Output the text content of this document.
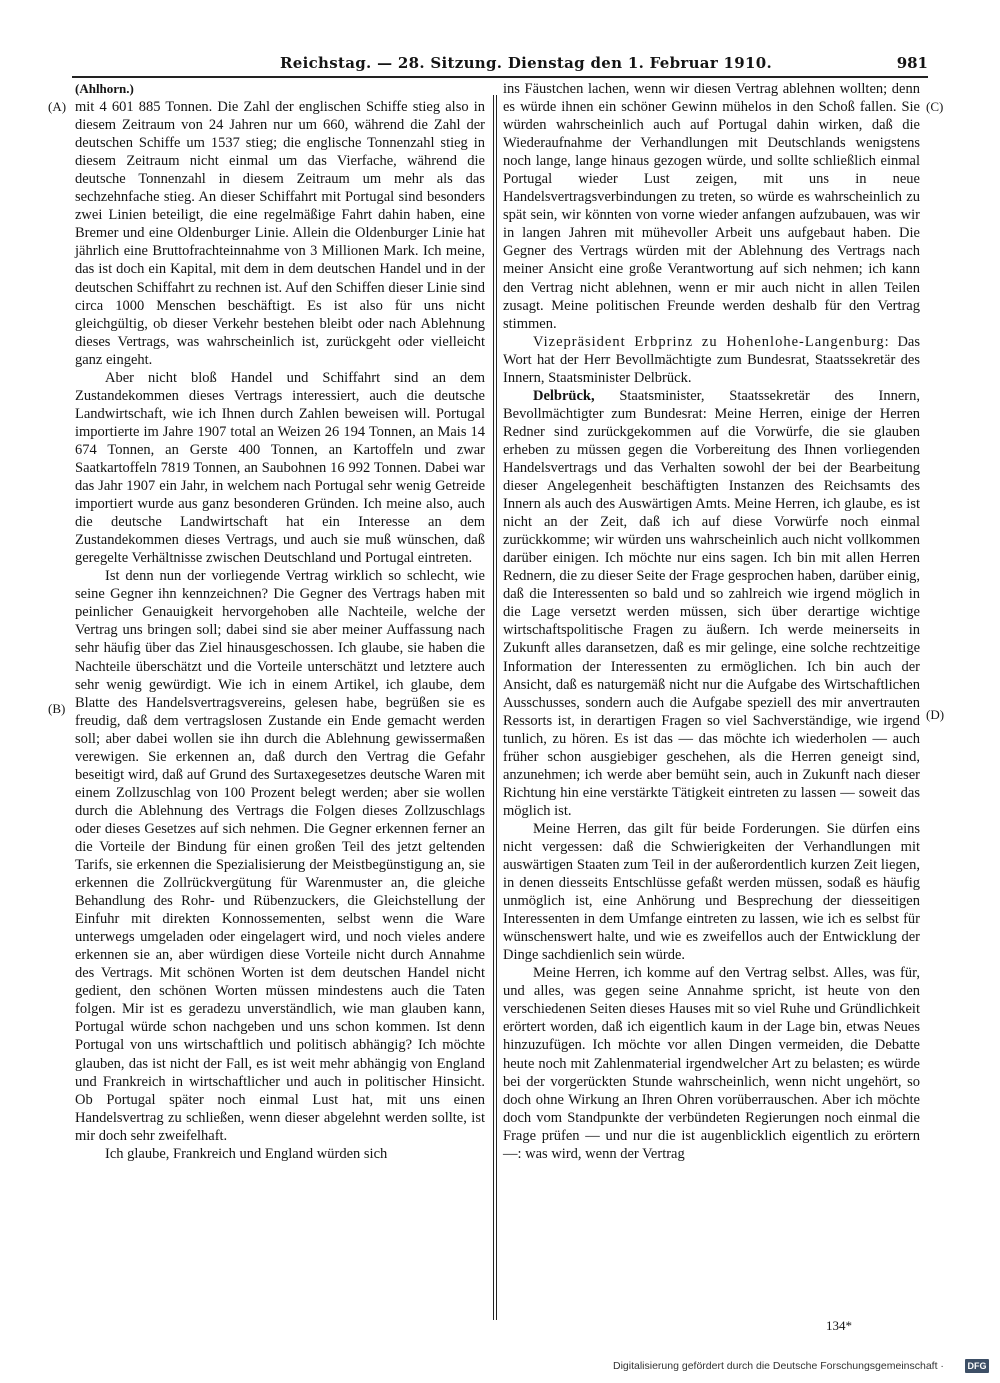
Reichstag. — 28. Sitzung. Dienstag den 1. Februar 1910.	981
(A)
(B)
(C)
(D)

(Ahlhorn.)

mit 4 601 885 Tonnen. Die Zahl der englischen Schiffe stieg also in diesem Zeitraum von 24 Jahren nur um 660, während die Zahl der deutschen Schiffe um 1537 stieg; die englische Tonnenzahl stieg in diesem Zeitraum nicht einmal um das Vierfache, während die deutsche Tonnenzahl in diesem Zeitraum um mehr als das sechzehnfache stieg. An dieser Schiffahrt mit Portugal sind besonders zwei Linien beteiligt, die eine regelmäßige Fahrt dahin haben, eine Bremer und eine Oldenburger Linie. Allein die Oldenburger Linie hat jährlich eine Bruttofrachteinnahme von 3 Millionen Mark. Ich meine, das ist doch ein Kapital, mit dem in dem deutschen Handel und in der deutschen Schiffahrt zu rechnen ist. Auf den Schiffen dieser Linie sind circa 1000 Menschen beschäftigt. Es ist also für uns nicht gleichgültig, ob dieser Verkehr bestehen bleibt oder nach Ablehnung dieses Vertrags, was wahrscheinlich ist, zurückgeht oder vielleicht ganz eingeht.

Aber nicht bloß Handel und Schiffahrt sind an dem Zustandekommen dieses Vertrags interessiert, auch die deutsche Landwirtschaft, wie ich Ihnen durch Zahlen beweisen will. Portugal importierte im Jahre 1907 total an Weizen 26 194 Tonnen, an Mais 14 674 Tonnen, an Gerste 400 Tonnen, an Kartoffeln und zwar Saatkartoffeln 7819 Tonnen, an Saubohnen 16 992 Tonnen. Dabei war das Jahr 1907 ein Jahr, in welchem nach Portugal sehr wenig Getreide importiert wurde aus ganz besonderen Gründen. Ich meine also, auch die deutsche Landwirtschaft hat ein Interesse an dem Zustandekommen dieses Vertrags, und auch sie muß wünschen, daß geregelte Verhältnisse zwischen Deutschland und Portugal eintreten.

Ist denn nun der vorliegende Vertrag wirklich so schlecht, wie seine Gegner ihn kennzeichnen? Die Gegner des Vertrags haben mit peinlicher Genauigkeit hervorgehoben alle Nachteile, welche der Vertrag uns bringen soll; dabei sind sie aber meiner Auffassung nach sehr häufig über das Ziel hinausgeschossen. Ich glaube, sie haben die Nachteile überschätzt und die Vorteile unterschätzt und letztere auch sehr wenig gewürdigt. Wie ich in einem Artikel, ich glaube, dem Blatte des Handelsvertragsvereins, gelesen habe, begrüßen sie es freudig, daß dem vertragslosen Zustande ein Ende gemacht werden soll; aber dabei wollen sie ihn durch die Ablehnung gewissermaßen verewigen. Sie erkennen an, daß durch den Vertrag die Gefahr beseitigt wird, daß auf Grund des Surtaxegesetzes deutsche Waren mit einem Zollzuschlag von 100 Prozent belegt werden; aber sie wollen durch die Ablehnung des Vertrags die Folgen dieses Zollzuschlags oder dieses Gesetzes auf sich nehmen. Die Gegner erkennen ferner an die Vorteile der Bindung für einen großen Teil des jetzt geltenden Tarifs, sie erkennen die Spezialisierung der Meistbegünstigung an, sie erkennen die Zollrückvergütung für Warenmuster an, die gleiche Behandlung des Rohr- und Rübenzuckers, die Gleichstellung der Einfuhr mit direkten Konnossementen, selbst wenn die Ware unterwegs umgeladen oder eingelagert wird, und noch vieles andere erkennen sie an, aber würdigen diese Vorteile nicht durch Annahme des Vertrags. Mit schönen Worten ist dem deutschen Handel nicht gedient, den schönen Worten müssen mindestens auch die Taten folgen. Mir ist es geradezu unverständlich, wie man glauben kann, Portugal würde schon nachgeben und uns schon kommen. Ist denn Portugal von uns wirtschaftlich und politisch abhängig? Ich möchte glauben, das ist nicht der Fall, es ist weit mehr abhängig von England und Frankreich in wirtschaftlicher und auch in politischer Hinsicht. Ob Portugal später noch einmal Lust hat, mit uns einen Handelsvertrag zu schließen, wenn dieser abgelehnt werden sollte, ist mir doch sehr zweifelhaft.

Ich glaube, Frankreich und England würden sich

ins Fäustchen lachen, wenn wir diesen Vertrag ablehnen wollten; denn es würde ihnen ein schöner Gewinn mühelos in den Schoß fallen. Sie würden wahrscheinlich auch auf Portugal dahin wirken, daß die Wiederaufnahme der Verhandlungen mit Deutschlands wenigstens noch lange, lange hinaus gezogen würde, und sollte schließlich einmal Portugal wieder Lust zeigen, mit uns in neue Handelsvertragsverbindungen zu treten, so würde es wahrscheinlich zu spät sein, wir könnten von vorne wieder anfangen aufzubauen, was wir in langen Jahren mit mühevoller Arbeit uns aufgebaut haben. Die Gegner des Vertrags würden mit der Ablehnung des Vertrags nach meiner Ansicht eine große Verantwortung auf sich nehmen; ich kann den Vertrag nicht ablehnen, wenn er mir auch nicht in allen Teilen zusagt. Meine politischen Freunde werden deshalb für den Vertrag stimmen.

Vizepräsident Erbprinz zu Hohenlohe-Langenburg: Das Wort hat der Herr Bevollmächtigte zum Bundesrat, Staatssekretär des Innern, Staatsminister Delbrück.

Delbrück, Staatsminister, Staatssekretär des Innern, Bevollmächtigter zum Bundesrat: Meine Herren, einige der Herren Redner sind zurückgekommen auf die Vorwürfe, die sie glauben erheben zu müssen gegen die Vorbereitung des Ihnen vorliegenden Handelsvertrags und das Verhalten sowohl der bei der Bearbeitung dieser Angelegenheit beschäftigten Instanzen des Reichsamts des Innern als auch des Auswärtigen Amts. Meine Herren, ich glaube, es ist nicht an der Zeit, daß ich auf diese Vorwürfe noch einmal zurückkomme; wir würden uns wahrscheinlich auch nicht vollkommen darüber einigen. Ich möchte nur eins sagen. Ich bin mit allen Herren Rednern, die zu dieser Seite der Frage gesprochen haben, darüber einig, daß die Interessenten so bald und so zahlreich wie irgend möglich in die Lage versetzt werden müssen, sich über derartige wichtige wirtschaftspolitische Fragen zu äußern. Ich werde meinerseits in Zukunft alles daransetzen, daß es mir gelinge, eine solche rechtzeitige Information der Interessenten zu ermöglichen. Ich bin auch der Ansicht, daß es naturgemäß nicht nur die Aufgabe des Wirtschaftlichen Ausschusses, sondern auch die Aufgabe speziell des mir anvertrauten Ressorts ist, in derartigen Fragen so viel Sachverständige, wie irgend tunlich, zu hören. Es ist das — das möchte ich wiederholen — auch früher schon ausgiebiger geschehen, als die Herren geneigt sind, anzunehmen; ich werde aber bemüht sein, auch in Zukunft nach dieser Richtung hin eine verstärkte Tätigkeit eintreten zu lassen — soweit das möglich ist.

Meine Herren, das gilt für beide Forderungen. Sie dürfen eins nicht vergessen: daß die Schwierigkeiten der Verhandlungen mit auswärtigen Staaten zum Teil in der außerordentlich kurzen Zeit liegen, in denen diesseits Entschlüsse gefaßt werden müssen, sodaß es häufig unmöglich ist, eine Anhörung und Besprechung der diesseitigen Interessenten in dem Umfange eintreten zu lassen, wie ich es selbst für wünschenswert halte, und wie es zweifellos auch der Entwicklung der Dinge sachdienlich sein würde.

Meine Herren, ich komme auf den Vertrag selbst. Alles, was für, und alles, was gegen seine Annahme spricht, ist heute von den verschiedenen Seiten dieses Hauses mit so viel Ruhe und Gründlichkeit erörtert worden, daß ich eigentlich kaum in der Lage bin, etwas Neues hinzuzufügen. Ich möchte vor allen Dingen vermeiden, die Debatte heute noch mit Zahlenmaterial irgendwelcher Art zu belasten; es würde bei der vorgerückten Stunde wahrscheinlich, wenn nicht ungehört, so doch ohne Wirkung an Ihren Ohren vorüberrauschen. Aber ich möchte doch vom Standpunkte der verbündeten Regierungen noch einmal die Frage prüfen — und nur die ist augenblicklich eigentlich zu erörtern —: was wird, wenn der Vertrag

134*
Digitalisierung gefördert durch die Deutsche Forschungsgemeinschaft ·	DFG
